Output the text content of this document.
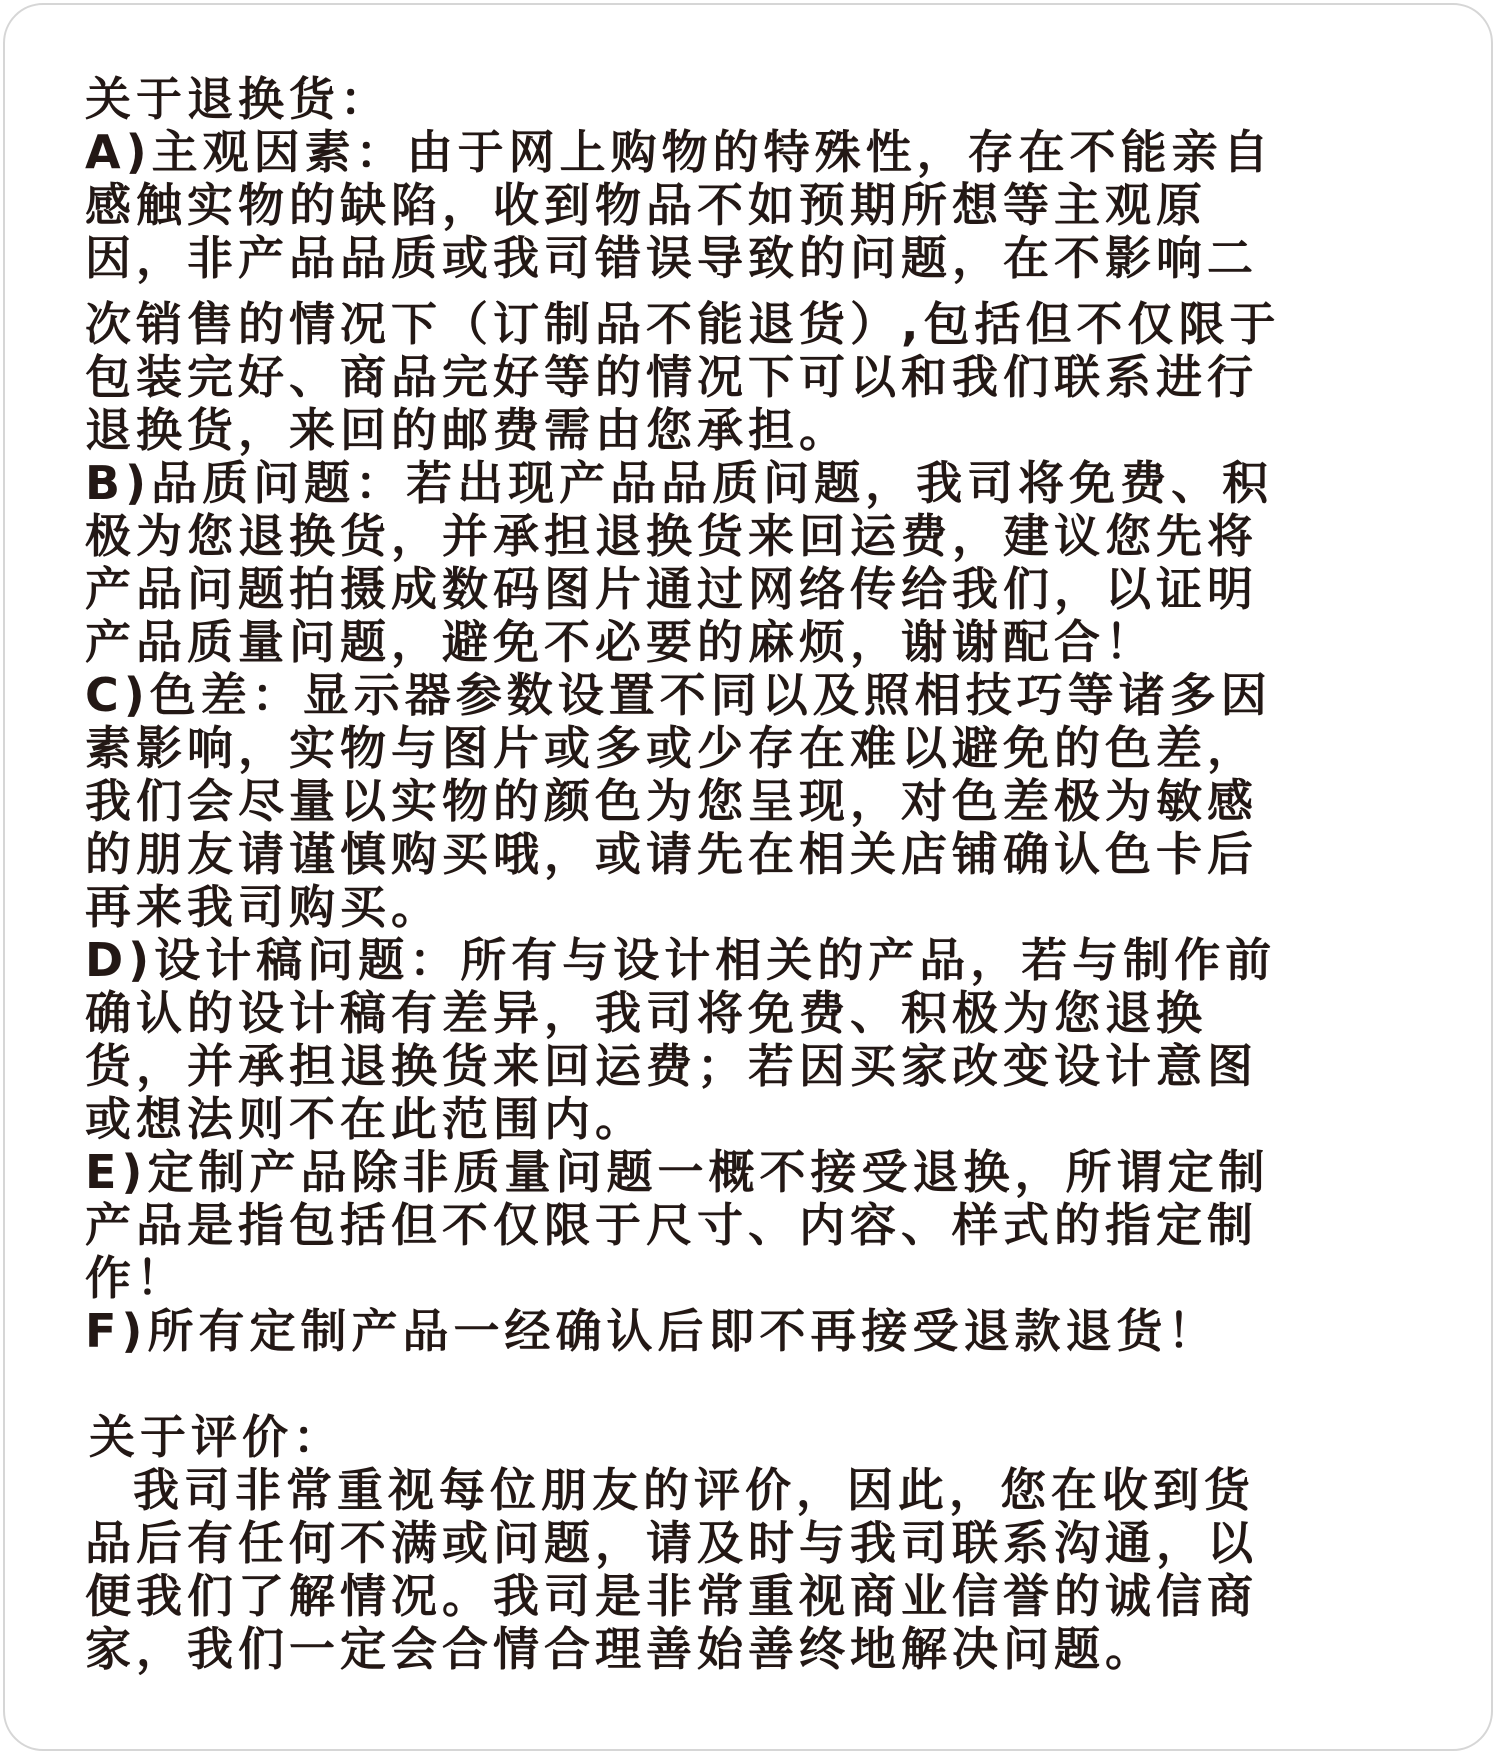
关于退换货：
A)主观因素：由于网上购物的特殊性，存在不能亲自
感触实物的缺陷，收到物品不如预期所想等主观原
因，非产品品质或我司错误导致的问题，在不影响二
次销售的情况下（订制品不能退货）,包括但不仅限于
包装完好、商品完好等的情况下可以和我们联系进行
退换货，来回的邮费需由您承担。
B)品质问题：若出现产品品质问题，我司将免费、积
极为您退换货，并承担退换货来回运费，建议您先将
产品问题拍摄成数码图片通过网络传给我们，以证明
产品质量问题，避免不必要的麻烦，谢谢配合！
C)色差：显示器参数设置不同以及照相技巧等诸多因
素影响，实物与图片或多或少存在难以避免的色差，
我们会尽量以实物的颜色为您呈现，对色差极为敏感
的朋友请谨慎购买哦，或请先在相关店铺确认色卡后
再来我司购买。
D)设计稿问题：所有与设计相关的产品，若与制作前
确认的设计稿有差异，我司将免费、积极为您退换
货，并承担退换货来回运费；若因买家改变设计意图
或想法则不在此范围内。
E)定制产品除非质量问题一概不接受退换，所谓定制
产品是指包括但不仅限于尺寸、内容、样式的指定制
作！
F)所有定制产品一经确认后即不再接受退款退货！
关于评价：
我司非常重视每位朋友的评价，因此，您在收到货
品后有任何不满或问题，请及时与我司联系沟通，以
便我们了解情况。我司是非常重视商业信誉的诚信商
家，我们一定会合情合理善始善终地解决问题。
